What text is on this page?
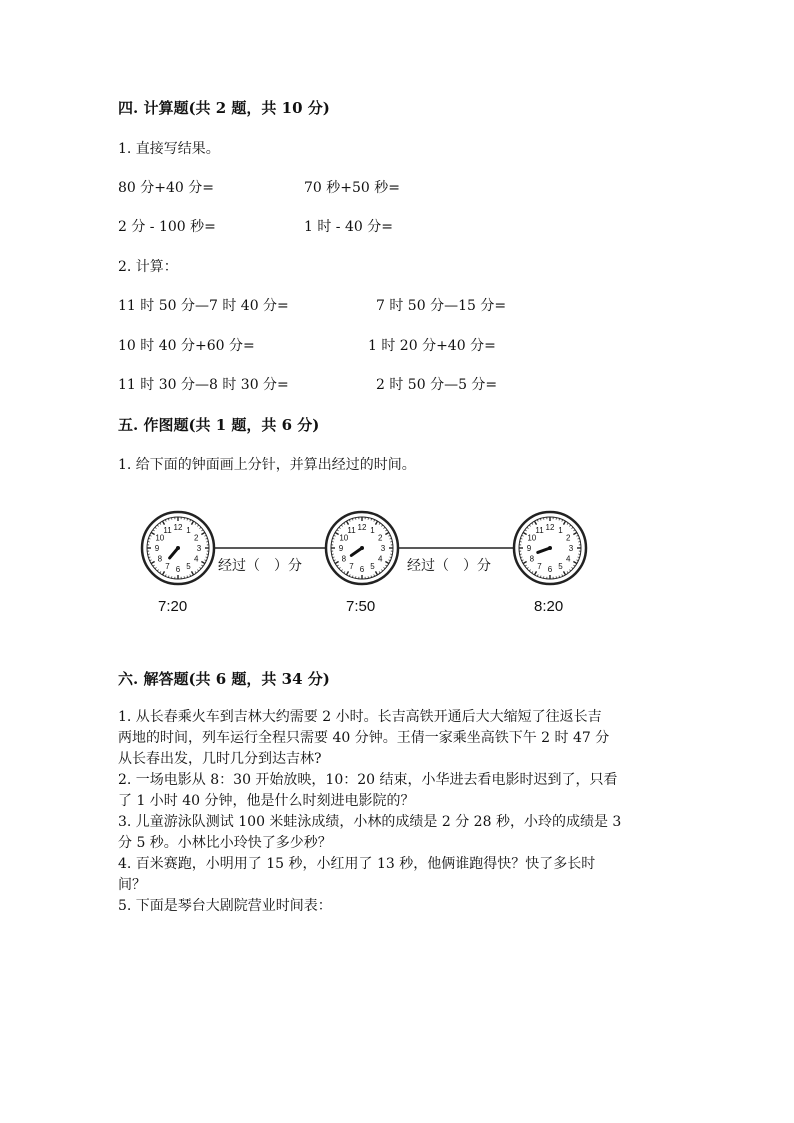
四. 计算题(共 2 题，共 10 分)
1. 直接写结果。
80 分+40 分=	70 秒+50 秒=
2 分 - 100 秒=	1 时 - 40 分=
2. 计算：
11 时 50 分—7 时 40 分=	7 时 50 分—15 分=
10 时 40 分+60 分=	1 时 20 分+40 分=
11 时 30 分—8 时 30 分=	2 时 50 分—5 分=
五. 作图题(共 1 题，共 6 分)
1. 给下面的钟面画上分针，并算出经过的时间。
1
2
3
4
5
6
7
8
9
10
11 12	1
2
3
4
5
6
7
8
9
10
11 12	1
2
3
4
5
6
7
8
9
10
11 12
7:20	7:50	8:20
经过（　）分	经过（　）分
六. 解答题(共 6 题，共 34 分)
1. 从长春乘火车到吉林大约需要 2 小时。长吉高铁开通后大大缩短了往返长吉
两地的时间，列车运行全程只需要 40 分钟。王倩一家乘坐高铁下午 2 时 47 分
从长春出发，几时几分到达吉林?
2. 一场电影从 8：30 开始放映，10：20 结束，小华进去看电影时迟到了，只看
了 1 小时 40 分钟，他是什么时刻进电影院的？
3. 儿童游泳队测试 100 米蛙泳成绩，小林的成绩是 2 分 28 秒，小玲的成绩是 3
分 5 秒。小林比小玲快了多少秒？
4. 百米赛跑，小明用了 15 秒，小红用了 13 秒，他俩谁跑得快？快了多长时
间？
5. 下面是琴台大剧院营业时间表：
